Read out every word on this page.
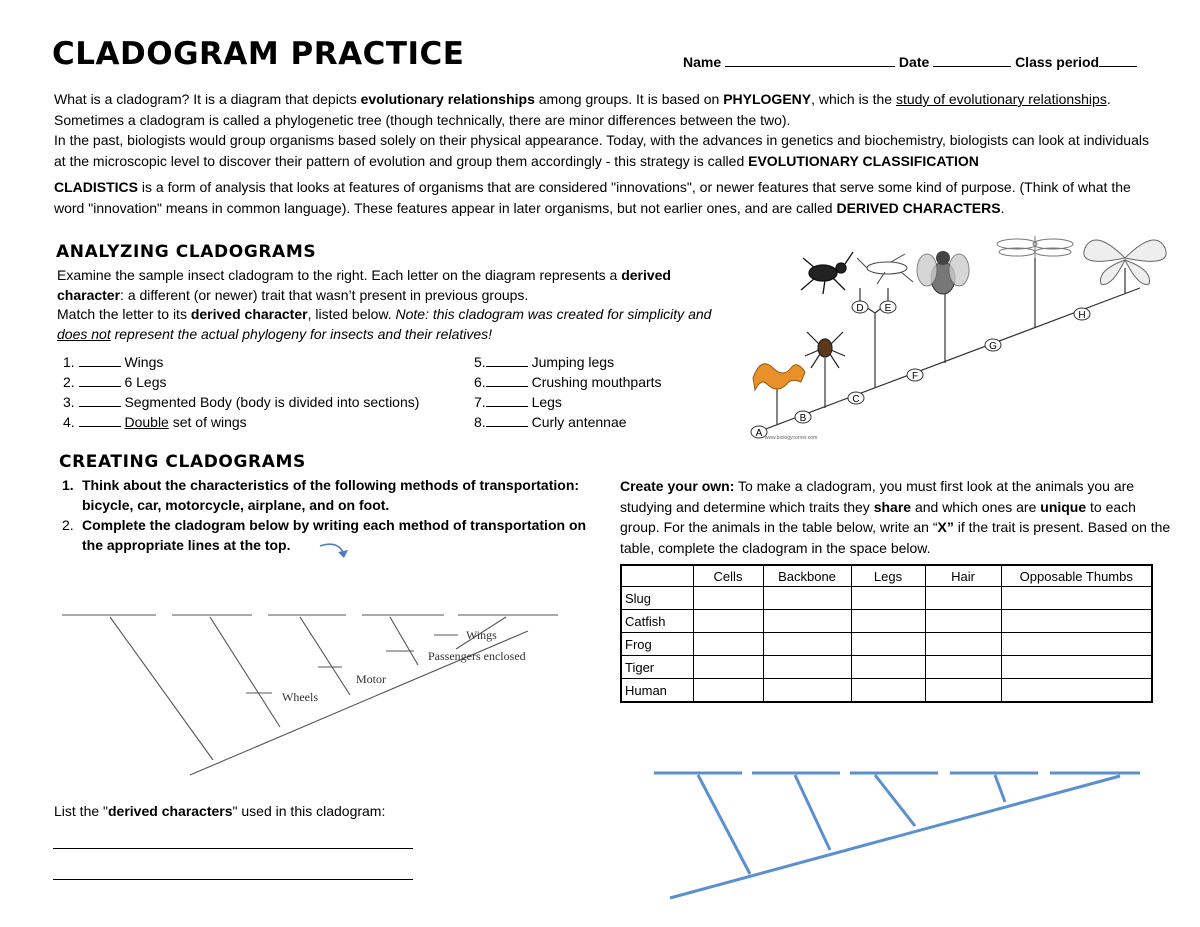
CLADOGRAM PRACTICE	Name	Date	Class period
What is a cladogram? It is a diagram that depicts evolutionary relationships among groups. It is based on PHYLOGENY, which is the study of evolutionary relationships. Sometimes a cladogram is called a phylogenetic tree (though technically, there are minor differences between the two).
In the past, biologists would group organisms based solely on their physical appearance. Today, with the advances in genetics and biochemistry, biologists can look at individuals at the microscopic level to discover their pattern of evolution and group them accordingly - this strategy is called EVOLUTIONARY CLASSIFICATION
CLADISTICS is a form of analysis that looks at features of organisms that are considered "innovations", or newer features that serve some kind of purpose. (Think of what the word "innovation" means in common language). These features appear in later organisms, but not earlier ones, and are called DERIVED CHARACTERS.
ANALYZING CLADOGRAMS
Examine the sample insect cladogram to the right. Each letter on the diagram represents a derived character: a different (or newer) trait that wasn’t present in previous groups.
Match the letter to its derived character, listed below. Note: this cladogram was created for simplicity and does not represent the actual phylogeny for insects and their relatives!
1.	Wings
2.	6 Legs
3.	Segmented Body (body is divided into sections)
4.	Double set of wings
5.	Jumping legs
6.	Crushing mouthparts
7.	Legs
8.	Curly antennae
A
B
C
D E
F
G
H
www.biologycorner.com
CREATING CLADOGRAMS
1. Think about the characteristics of the following methods of transportation: bicycle, car, motorcycle, airplane, and on foot.
2. Complete the cladogram below by writing each method of transportation on the appropriate lines at the top.
Wheels
Motor
Passengers enclosed
Wings
List the "derived characters" used in this cladogram:
Create your own: To make a cladogram, you must first look at the animals you are studying and determine which traits they share and which ones are unique to each group. For the animals in the table below, write an “X” if the trait is present. Based on the table, complete the cladogram in the space below.
	Cells	Backbone	Legs	Hair	Opposable Thumbs
Slug					
Catfish					
Frog					
Tiger					
Human					
